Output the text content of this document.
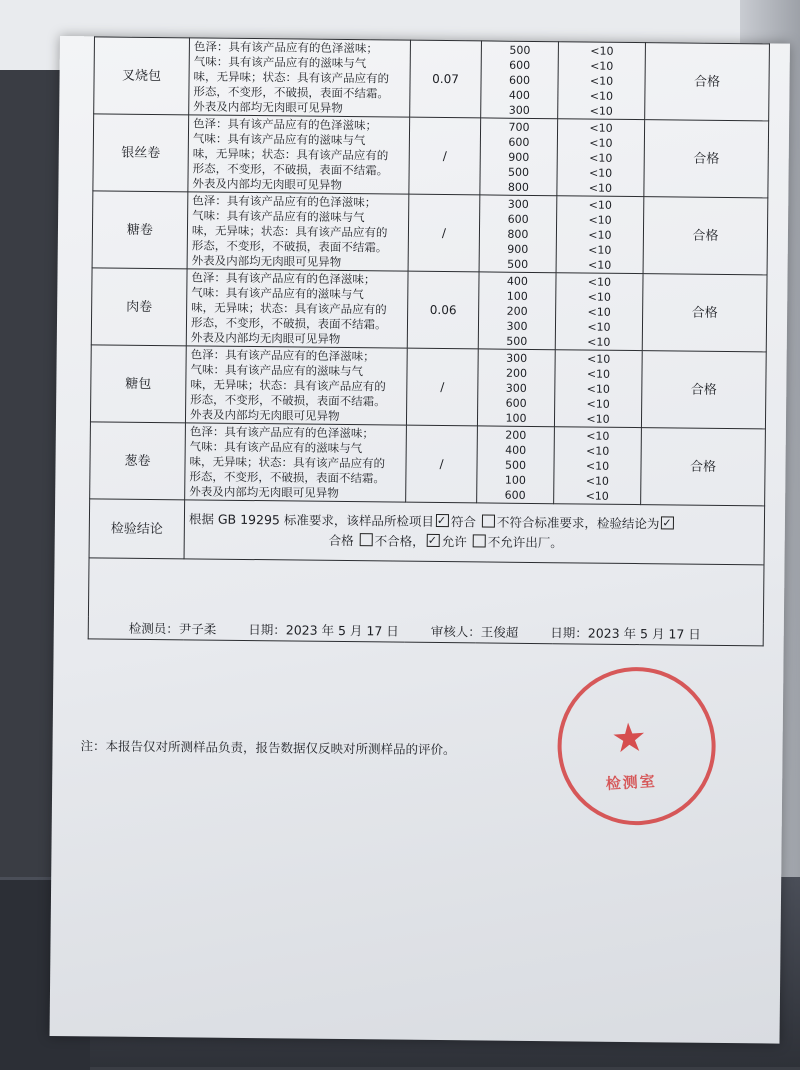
叉烧包	色泽：具有该产品应有的色泽滋味；
气味：具有该产品应有的滋味与气
味，无异味；状态：具有该产品应有的
形态，不变形，不破损，表面不结霜。
外表及内部均无肉眼可见异物	0.07	500
600
600
400
300	<10
<10
<10
<10
<10	合格
银丝卷	色泽：具有该产品应有的色泽滋味；
气味：具有该产品应有的滋味与气
味，无异味；状态：具有该产品应有的
形态，不变形，不破损，表面不结霜。
外表及内部均无肉眼可见异物	/	700
600
900
500
800	<10
<10
<10
<10
<10	合格
糖卷	色泽：具有该产品应有的色泽滋味；
气味：具有该产品应有的滋味与气
味，无异味；状态：具有该产品应有的
形态，不变形，不破损，表面不结霜。
外表及内部均无肉眼可见异物	/	300
600
800
900
500	<10
<10
<10
<10
<10	合格
肉卷	色泽：具有该产品应有的色泽滋味；
气味：具有该产品应有的滋味与气
味，无异味；状态：具有该产品应有的
形态，不变形，不破损，表面不结霜。
外表及内部均无肉眼可见异物	0.06	400
100
200
300
500	<10
<10
<10
<10
<10	合格
糖包	色泽：具有该产品应有的色泽滋味；
气味：具有该产品应有的滋味与气
味，无异味；状态：具有该产品应有的
形态，不变形，不破损，表面不结霜。
外表及内部均无肉眼可见异物	/	300
200
300
600
100	<10
<10
<10
<10
<10	合格
葱卷	色泽：具有该产品应有的色泽滋味；
气味：具有该产品应有的滋味与气
味，无异味；状态：具有该产品应有的
形态，不变形，不破损，表面不结霜。
外表及内部均无肉眼可见异物	/	200
400
500
100
600	<10
<10
<10
<10
<10	合格
检验结论	根据 GB 19295 标准要求，该样品所检项目 ✓ 符合 不符合标准要求，检验结论为✓
合格 不合格， ✓ 允许 不允许出厂。

检测员：尹子柔 日期：2023 年 5 月 17 日 审核人：王俊超 日期：2023 年 5 月 17 日					
注：本报告仅对所测样品负责，报告数据仅反映对所测样品的评价。	★
检测室
